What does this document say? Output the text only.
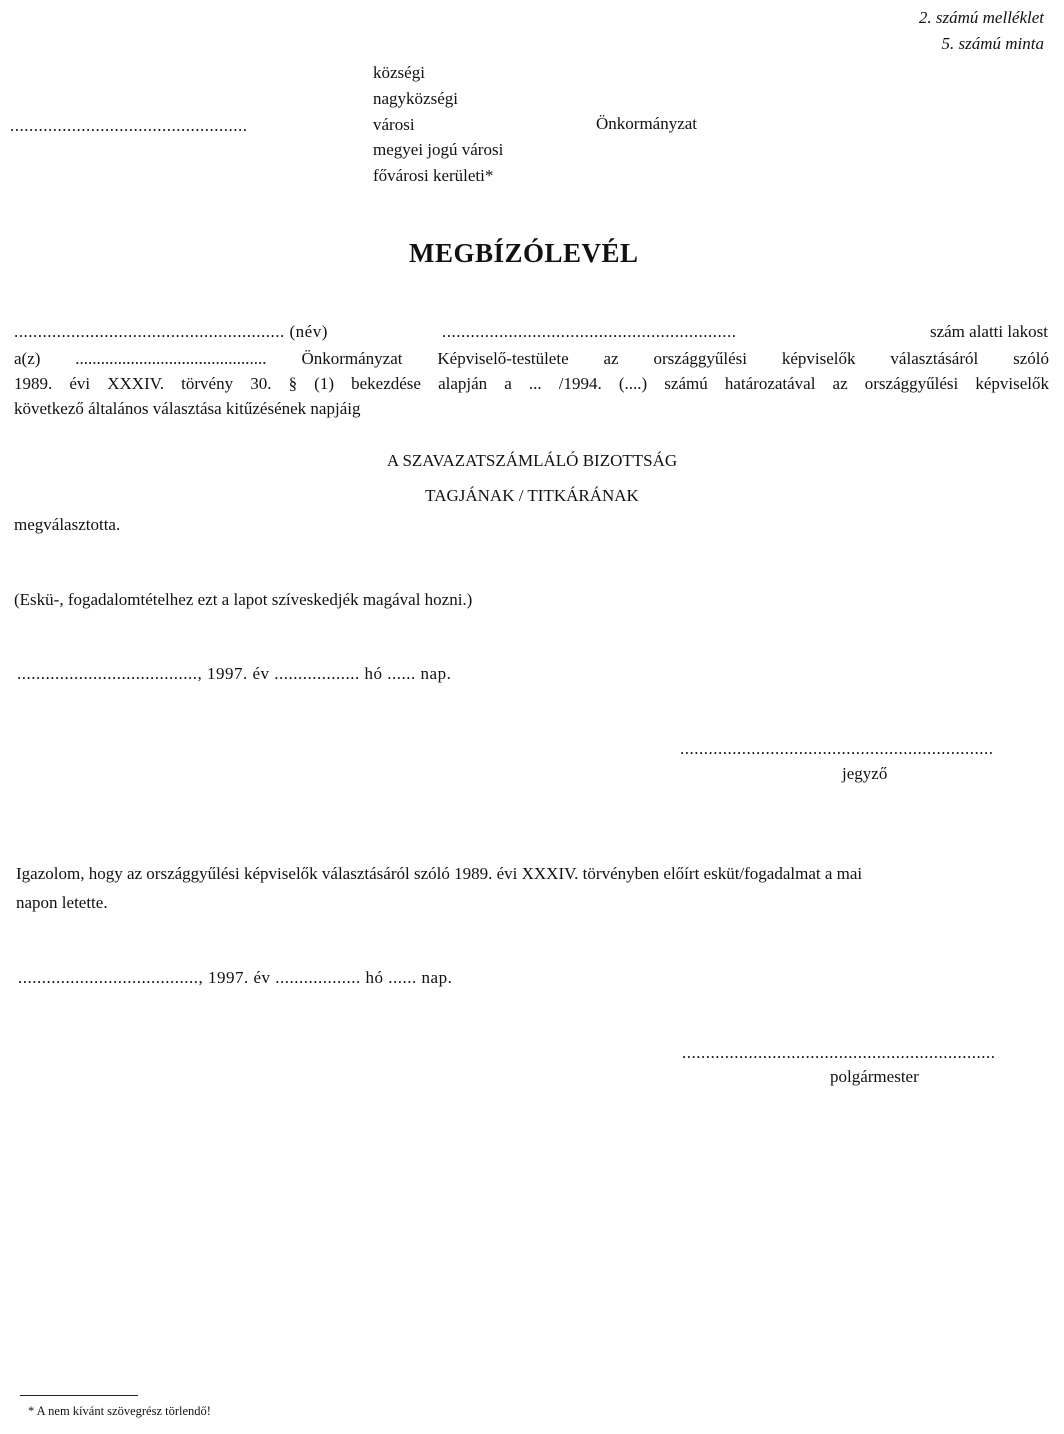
2. számú melléklet
5. számú minta
..................................................
községi
nagyközségi
városi
megyei jogú városi
fővárosi kerületi*
Önkormányzat
MEGBÍZÓLEVÉL
......................................................... (név)	..............................................................	szám alatti lakost
a(z) ............................................. Önkormányzat Képviselő-testülete az országgyűlési képviselők választásáról szóló
1989. évi XXXIV. törvény 30. § (1) bekezdése alapján a ... /1994. (....) számú határozatával az országgyűlési képviselők
következő általános választása kitűzésének napjáig
A SZAVAZATSZÁMLÁLÓ BIZOTTSÁG
TAGJÁNAK / TITKÁRÁNAK
megválasztotta.
(Eskü-, fogadalomtételhez ezt a lapot szíveskedjék magával hozni.)
......................................, 1997. év .................. hó ...... nap.
..................................................................
jegyző
Igazolom, hogy az országgyűlési képviselők választásáról szóló 1989. évi XXXIV. törvényben előírt esküt/fogadalmat a mai
napon letette.
......................................, 1997. év .................. hó ...... nap.
..................................................................
polgármester
* A nem kívánt szövegrész törlendő!
